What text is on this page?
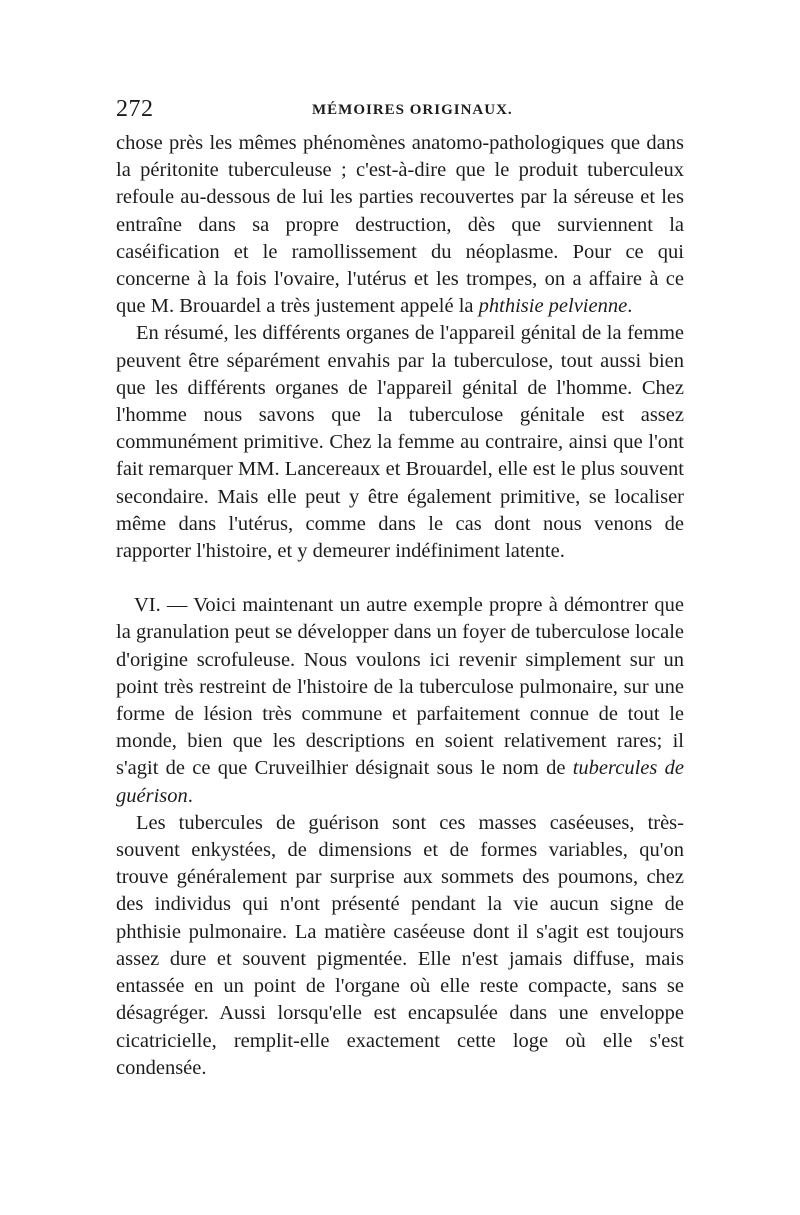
272	MÉMOIRES ORIGINAUX.

chose près les mêmes phénomènes anatomo-pathologiques que dans la péritonite tuberculeuse ; c'est-à-dire que le produit tuberculeux refoule au-dessous de lui les parties recouvertes par la séreuse et les entraîne dans sa propre destruction, dès que surviennent la caséification et le ramollissement du néoplasme. Pour ce qui concerne à la fois l'ovaire, l'utérus et les trompes, on a affaire à ce que M. Brouardel a très justement appelé la phthisie pelvienne.

En résumé, les différents organes de l'appareil génital de la femme peuvent être séparément envahis par la tuberculose, tout aussi bien que les différents organes de l'appareil génital de l'homme. Chez l'homme nous savons que la tuberculose génitale est assez communément primitive. Chez la femme au contraire, ainsi que l'ont fait remarquer MM. Lancereaux et Brouardel, elle est le plus souvent secondaire. Mais elle peut y être également primitive, se localiser même dans l'utérus, comme dans le cas dont nous venons de rapporter l'histoire, et y demeurer indéfiniment latente.

VI. — Voici maintenant un autre exemple propre à démontrer que la granulation peut se développer dans un foyer de tuberculose locale d'origine scrofuleuse. Nous voulons ici revenir simplement sur un point très restreint de l'histoire de la tuberculose pulmonaire, sur une forme de lésion très commune et parfaitement connue de tout le monde, bien que les descriptions en soient relativement rares; il s'agit de ce que Cruveilhier désignait sous le nom de tubercules de guérison.

Les tubercules de guérison sont ces masses caséeuses, très-souvent enkystées, de dimensions et de formes variables, qu'on trouve généralement par surprise aux sommets des poumons, chez des individus qui n'ont présenté pendant la vie aucun signe de phthisie pulmonaire. La matière caséeuse dont il s'agit est toujours assez dure et souvent pigmentée. Elle n'est jamais diffuse, mais entassée en un point de l'organe où elle reste compacte, sans se désagréger. Aussi lorsqu'elle est encapsulée dans une enveloppe cicatricielle, remplit-elle exactement cette loge où elle s'est condensée.
